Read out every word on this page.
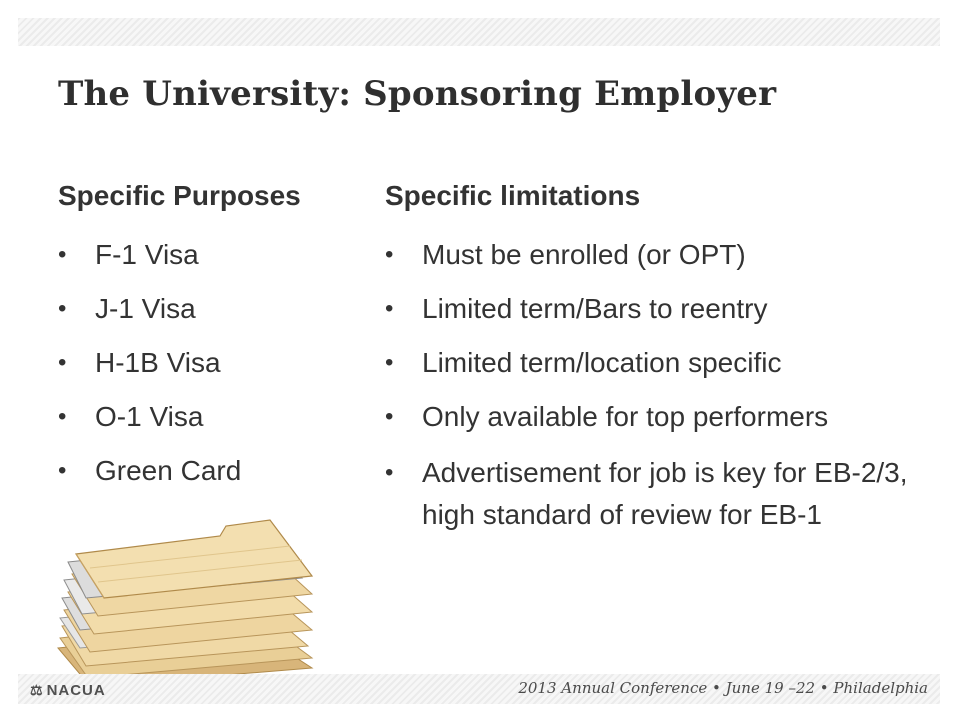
The University: Sponsoring Employer
Specific Purposes
• F-1 Visa
• J-1 Visa
• H-1B Visa
• O-1 Visa
• Green Card
Specific limitations
• Must be enrolled (or OPT)
• Limited term/Bars to reentry
• Limited term/location specific
• Only available for top performers
• Advertisement for job is key for EB-2/3, high standard of review for EB-1
⚖ NACUA	2013 Annual Conference • June 19 –22 • Philadelphia
